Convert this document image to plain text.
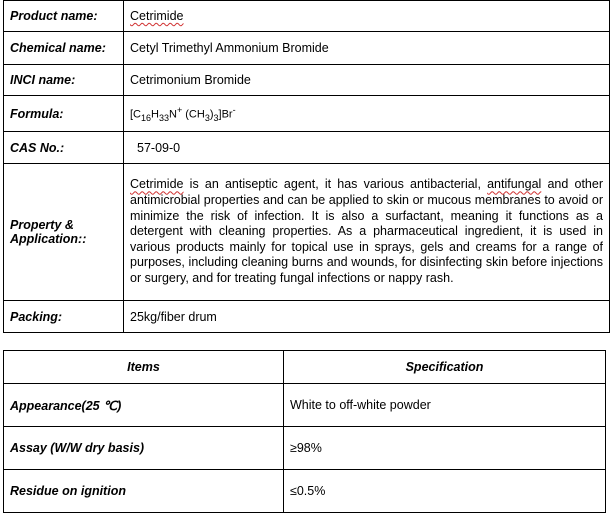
Product name:	Cetrimide
Chemical name:	Cetyl Trimethyl Ammonium Bromide
INCI name:	Cetrimonium Bromide
Formula:	[$C_{16}H_{33}N^+$ $(CH_3)_3]Br^-$
CAS No.:	57-09-0
Property & Application::	Cetrimide is an antiseptic agent, it has various antibacterial, antifungal and other antimicrobial properties and can be applied to skin or mucous membranes to avoid or minimize the risk of infection. It is also a surfactant, meaning it functions as a detergent with cleaning properties. As a pharmaceutical ingredient, it is used in various products mainly for topical use in sprays, gels and creams for a range of purposes, including cleaning burns and wounds, for disinfecting skin before injections or surgery, and for treating fungal infections or nappy rash.
Packing:	25kg/fiber drum
Items	Specification
Appearance(25 ℃)	White to off-white powder
Assay (W/W dry basis)	≥98%
Residue on ignition	≤0.5%
